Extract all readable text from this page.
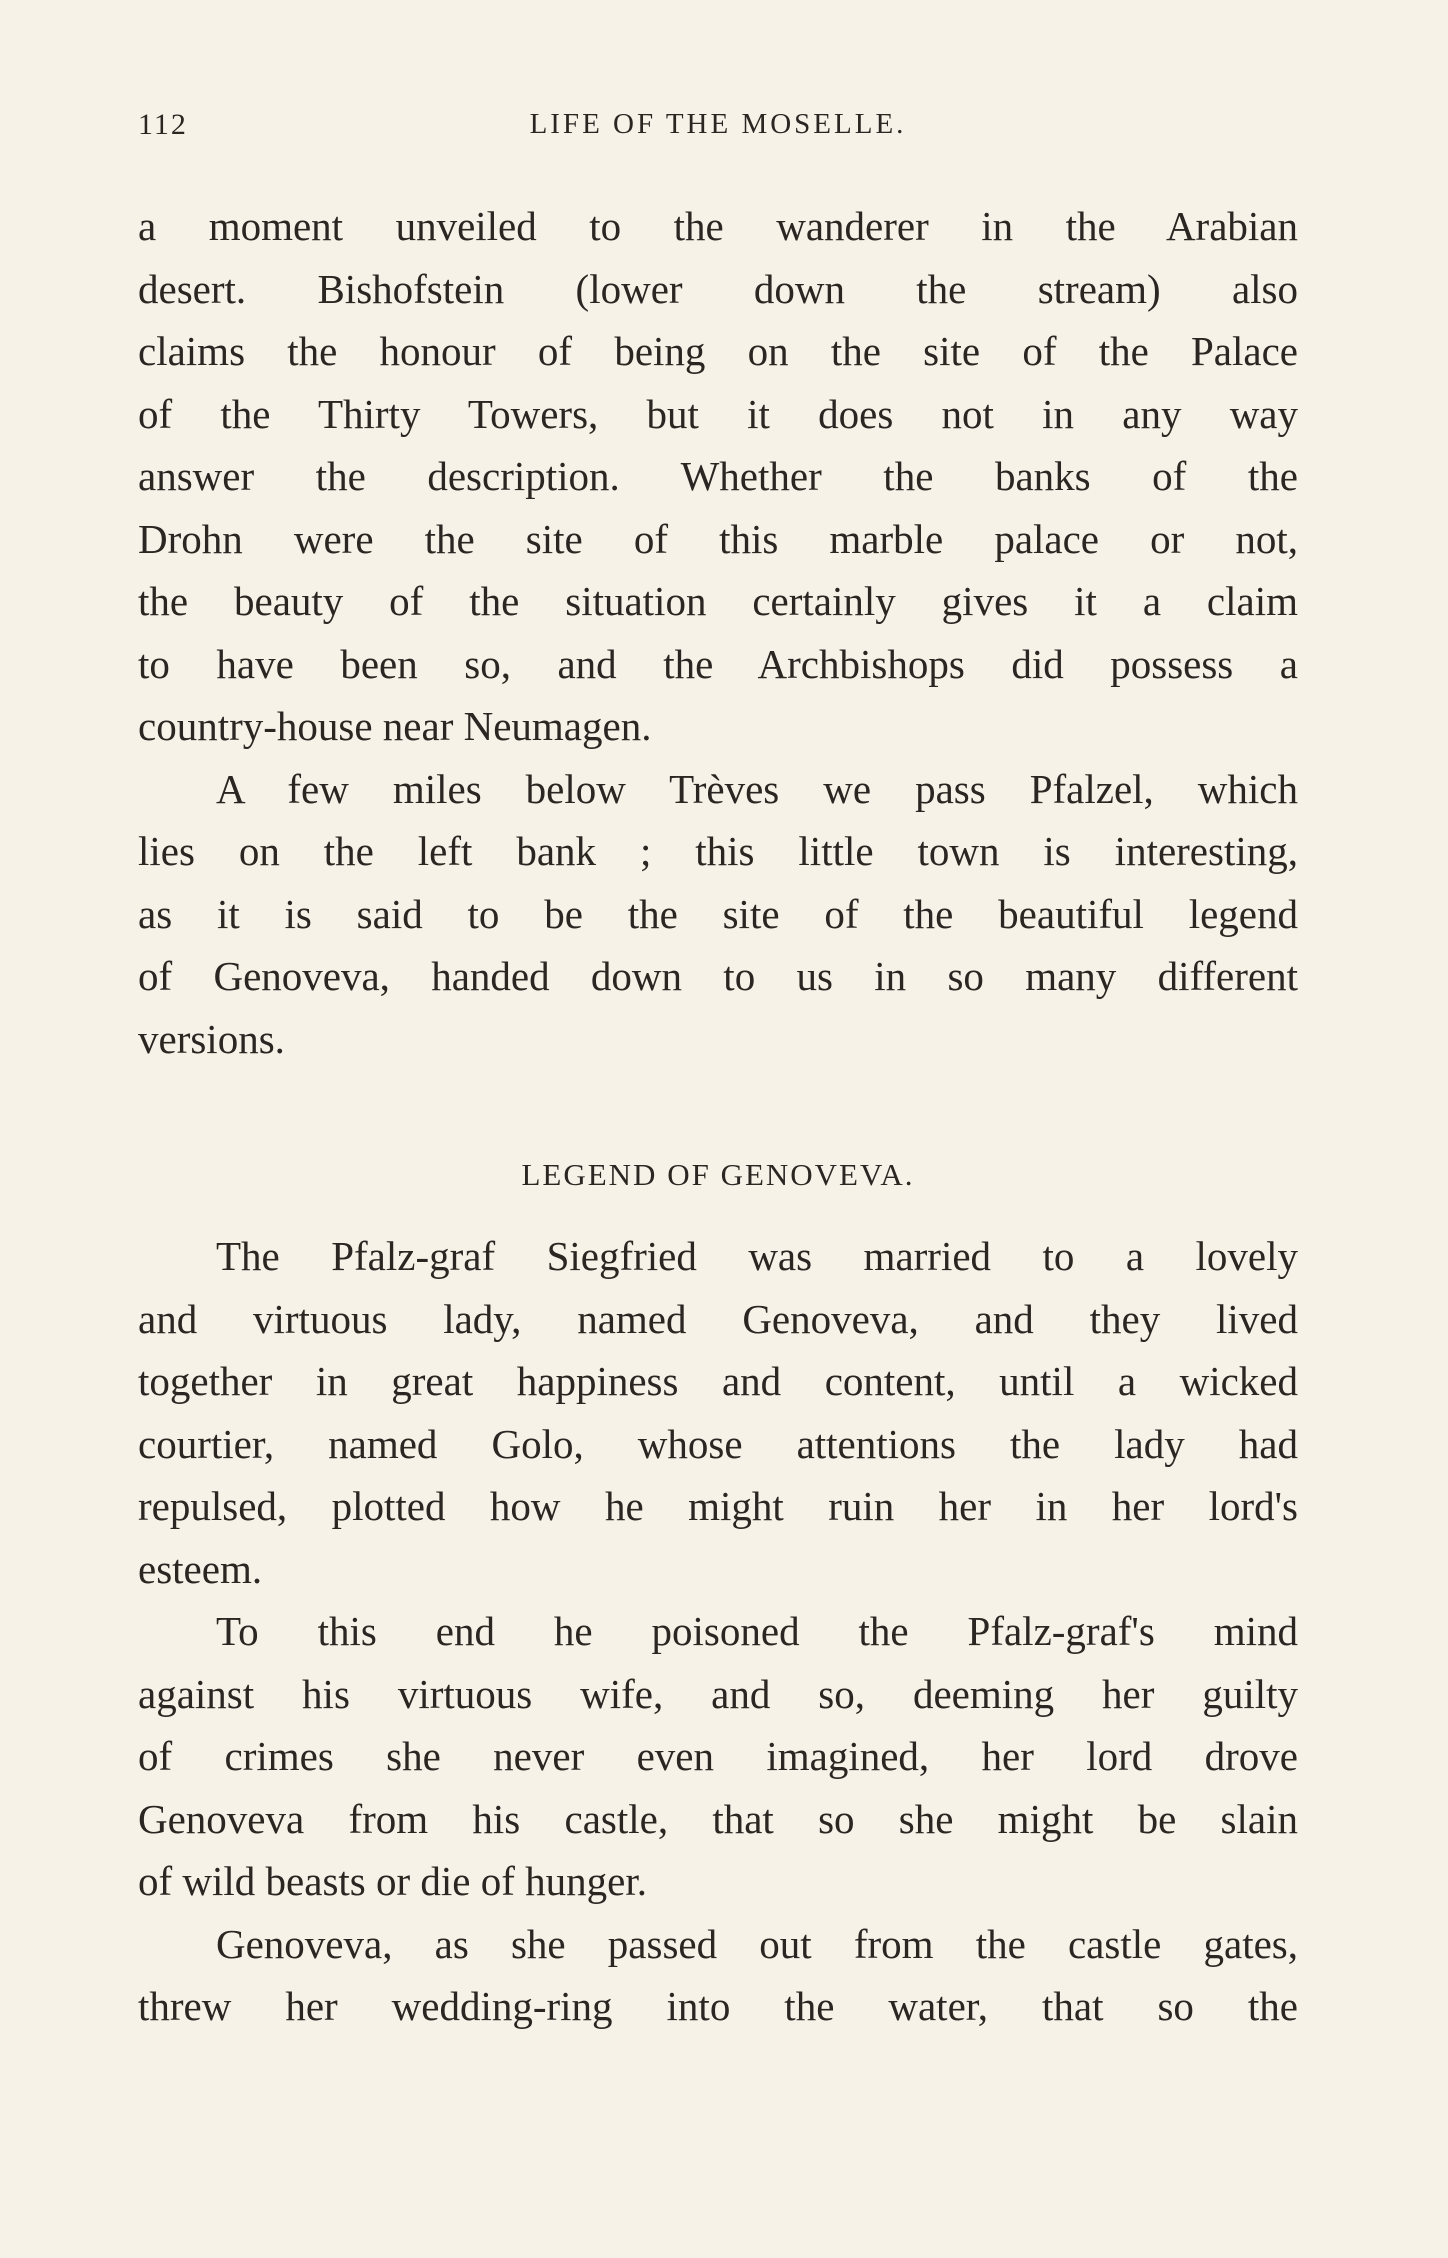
112	LIFE OF THE MOSELLE.
a moment unveiled to the wanderer in the Arabian
desert. Bishofstein (lower down the stream) also
claims the honour of being on the site of the Palace
of the Thirty Towers, but it does not in any way
answer the description. Whether the banks of the
Drohn were the site of this marble palace or not,
the beauty of the situation certainly gives it a claim
to have been so, and the Archbishops did possess a
country-house near Neumagen.
A few miles below Trèves we pass Pfalzel, which
lies on the left bank ; this little town is interesting,
as it is said to be the site of the beautiful legend
of Genoveva, handed down to us in so many different
versions.
LEGEND OF GENOVEVA.
The Pfalz-graf Siegfried was married to a lovely
and virtuous lady, named Genoveva, and they lived
together in great happiness and content, until a wicked
courtier, named Golo, whose attentions the lady had
repulsed, plotted how he might ruin her in her lord's
esteem.
To this end he poisoned the Pfalz-graf's mind
against his virtuous wife, and so, deeming her guilty
of crimes she never even imagined, her lord drove
Genoveva from his castle, that so she might be slain
of wild beasts or die of hunger.
Genoveva, as she passed out from the castle gates,
threw her wedding-ring into the water, that so the
